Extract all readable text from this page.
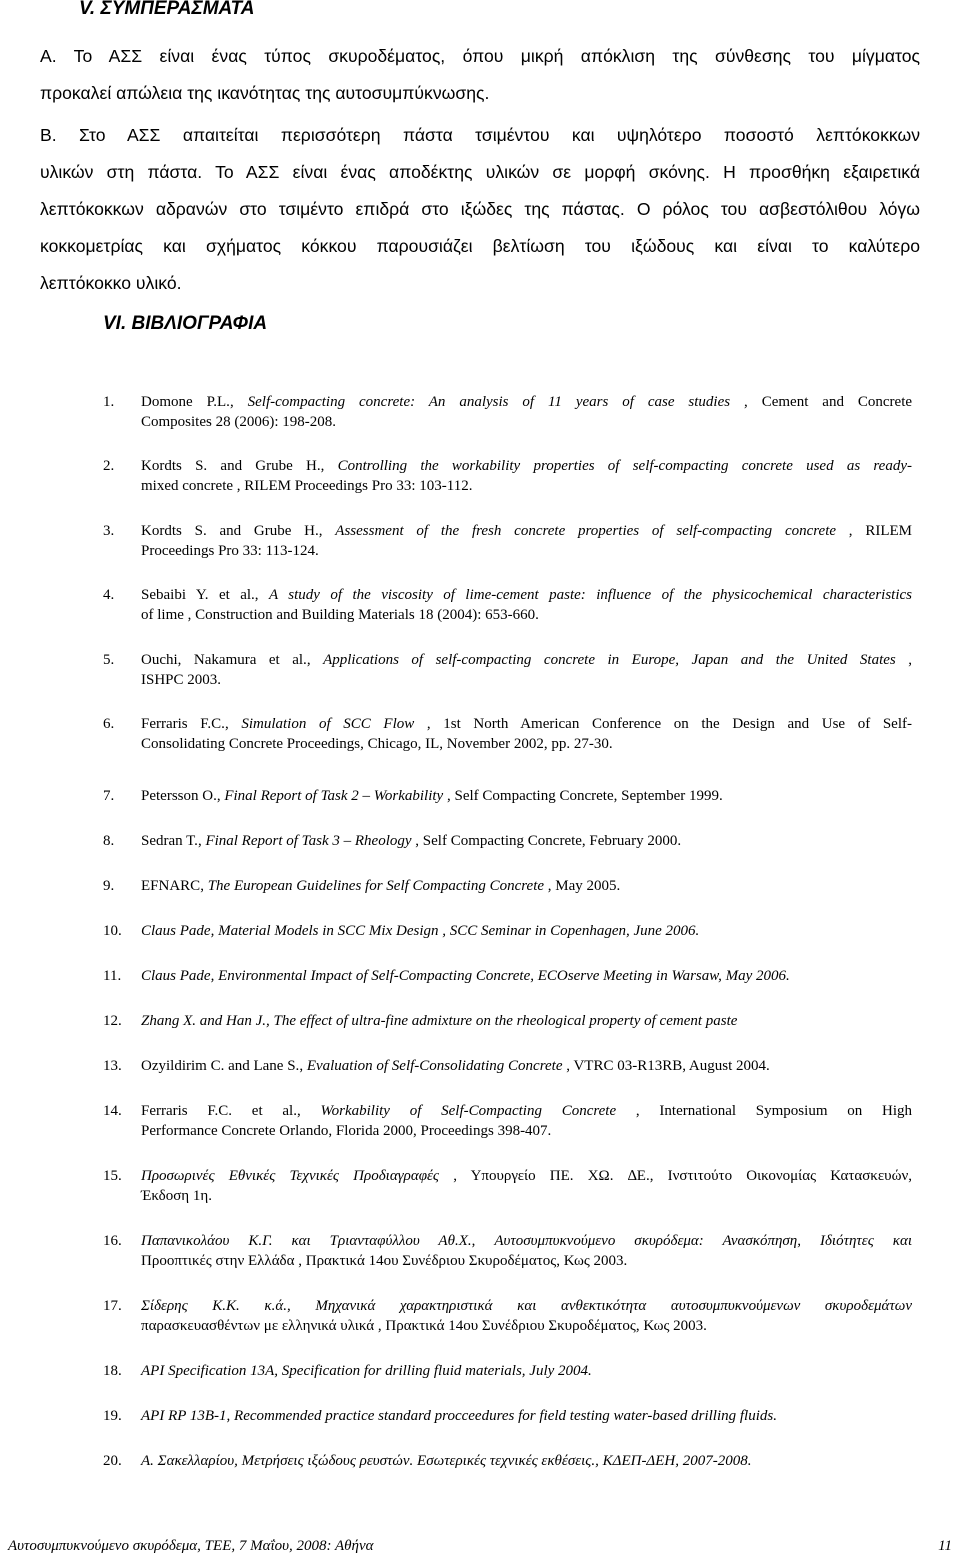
V. ΣΥΜΠΕΡΑΣΜΑΤΑ
Α. Το ΑΣΣ είναι ένας τύπος σκυροδέματος, όπου μικρή απόκλιση της σύνθεσης του μίγματος
προκαλεί απώλεια της ικανότητας της αυτοσυμπύκνωσης.
Β. Στο ΑΣΣ απαιτείται περισσότερη πάστα τσιμέντου και υψηλότερο ποσοστό λεπτόκοκκων
υλικών στη πάστα. Το ΑΣΣ είναι ένας αποδέκτης υλικών σε μορφή σκόνης. Η προσθήκη εξαιρετικά
λεπτόκοκκων αδρανών στο τσιμέντο επιδρά στο ιξώδες της πάστας. Ο ρόλος του ασβεστόλιθου λόγω
κοκκομετρίας και σχήματος κόκκου παρουσιάζει βελτίωση του ιξώδους και είναι το καλύτερο
λεπτόκοκκο υλικό.
VI. ΒΙΒΛΙΟΓΡΑΦΙΑ
1. Domone P.L., Self-compacting concrete: An analysis of 11 years of case studies , Cement and Concrete
Composites 28 (2006): 198-208.
2. Kordts S. and Grube H., Controlling the workability properties of self-compacting concrete used as ready-
mixed concrete , RILEM Proceedings Pro 33: 103-112.
3. Kordts S. and Grube H., Assessment of the fresh concrete properties of self-compacting concrete , RILEM
Proceedings Pro 33: 113-124.
4. Sebaibi Y. et al., A study of the viscosity of lime-cement paste: influence of the physicochemical characteristics
of lime , Construction and Building Materials 18 (2004): 653-660.
5. Ouchi, Nakamura et al., Applications of self-compacting concrete in Europe, Japan and the United States ,
ISHPC 2003.
6. Ferraris F.C., Simulation of SCC Flow , 1st North American Conference on the Design and Use of Self-
Consolidating Concrete Proceedings, Chicago, IL, November 2002, pp. 27-30.
7. Petersson O., Final Report of Task 2 – Workability , Self Compacting Concrete, September 1999.
8. Sedran T., Final Report of Task 3 – Rheology , Self Compacting Concrete, February 2000.
9. EFNARC, The European Guidelines for Self Compacting Concrete , May 2005.
10. Claus Pade, Material Models in SCC Mix Design , SCC Seminar in Copenhagen, June 2006.
11. Claus Pade, Environmental Impact of Self-Compacting Concrete, ECOserve Meeting in Warsaw, May 2006.
12. Zhang X. and Han J., The effect of ultra-fine admixture on the rheological property of cement paste
13. Ozyildirim C. and Lane S., Evaluation of Self-Consolidating Concrete , VTRC 03-R13RB, August 2004.
14. Ferraris F.C. et al., Workability of Self-Compacting Concrete , International Symposium on High
Performance Concrete Orlando, Florida 2000, Proceedings 398-407.
15. Προσωρινές Εθνικές Τεχνικές Προδιαγραφές , Υπουργείο ΠΕ. ΧΩ. ∆Ε., Ινστιτούτο Οικονομίας Κατασκευών,
Έκδοση 1η.
16. Παπανικολάου Κ.Γ. και Τριανταφύλλου Αθ.Χ., Αυτοσυμπυκνούμενο σκυρόδεμα: Ανασκόπηση, Ιδιότητες και
Προοπτικές στην Ελλάδα , Πρακτικά 14ου Συνέδριου Σκυροδέματος, Κως 2003.
17. Σίδερης Κ.Κ. κ.ά., Μηχανικά χαρακτηριστικά και ανθεκτικότητα αυτοσυμπυκνούμενων σκυροδεμάτων
παρασκευασθέντων με ελληνικά υλικά , Πρακτικά 14ου Συνέδριου Σκυροδέματος, Κως 2003.
18. API Specification 13A, Specification for drilling fluid materials, July 2004.
19. API RP 13B-1, Recommended practice standard procceedures for field testing water-based drilling fluids.
20. Α. Σακελλαρίου, Μετρήσεις ιξώδους ρευστών. Εσωτερικές τεχνικές εκθέσεις., ΚΔΕΠ-ΔΕΗ, 2007-2008.
Αυτοσυμπυκνούμενο σκυρόδεμα, ΤΕΕ, 7 Μαΐου, 2008: Αθήνα	11
